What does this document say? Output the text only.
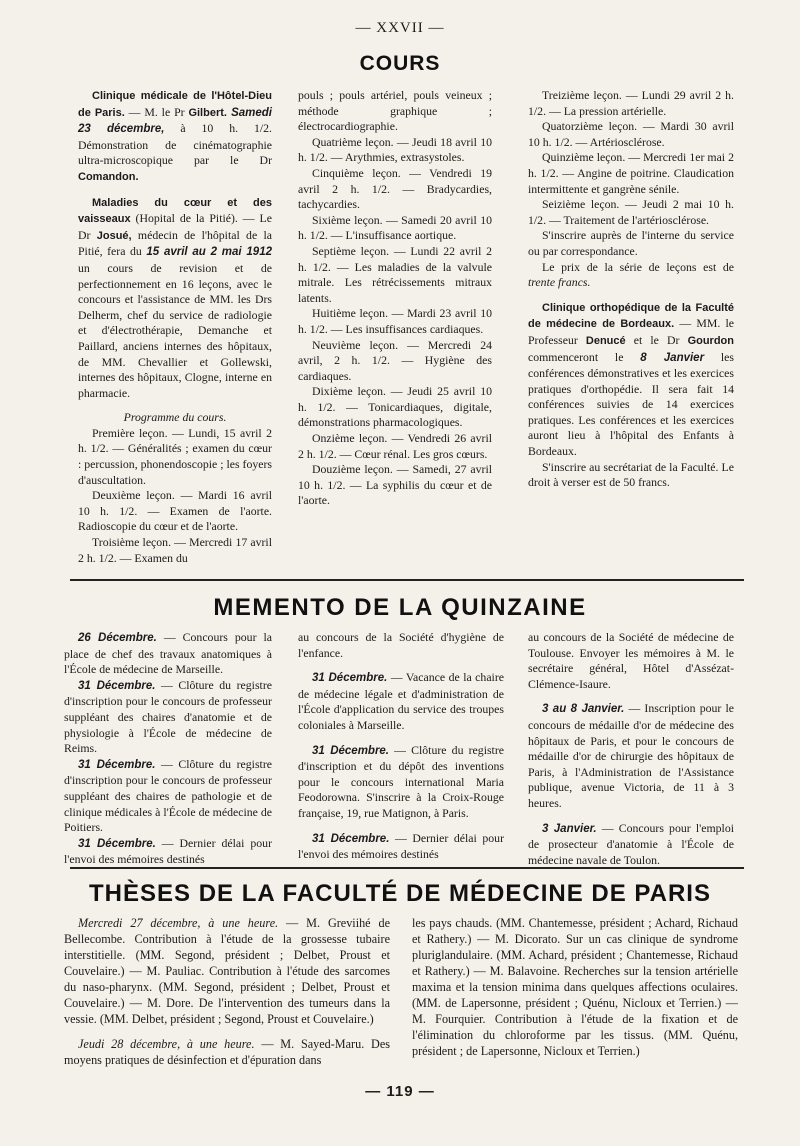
— XXVII —
COURS

Clinique médicale de l'Hôtel-Dieu de Paris. — M. le Pr Gilbert. Samedi 23 décembre, à 10 h. 1/2. Démonstration de cinématographie ultra-microscopique par le Dr Comandon.

Maladies du cœur et des vaisseaux (Hopital de la Pitié). — Le Dr Josué, médecin de l'hôpital de la Pitié, fera du 15 avril au 2 mai 1912 un cours de revision et de perfectionnement en 16 leçons, avec le concours et l'assistance de MM. les Drs Delherm, chef du service de radiologie et d'électrothérapie, Demanche et Paillard, anciens internes des hôpitaux, de MM. Chevallier et Gollewski, internes des hôpitaux, Clogne, interne en pharmacie.

Programme du cours.

Première leçon. — Lundi, 15 avril 2 h. 1/2. — Généralités ; examen du cœur : percussion, phonendoscopie ; les foyers d'auscultation.

Deuxième leçon. — Mardi 16 avril 10 h. 1/2. — Examen de l'aorte. Radioscopie du cœur et de l'aorte.

Troisième leçon. — Mercredi 17 avril 2 h. 1/2. — Examen du

pouls ; pouls artériel, pouls veineux ; méthode graphique ; électrocardiographie.

Quatrième leçon. — Jeudi 18 avril 10 h. 1/2. — Arythmies, extrasystoles.

Cinquième leçon. — Vendredi 19 avril 2 h. 1/2. — Bradycardies, tachycardies.

Sixième leçon. — Samedi 20 avril 10 h. 1/2. — L'insuffisance aortique.

Septième leçon. — Lundi 22 avril 2 h. 1/2. — Les maladies de la valvule mitrale. Les rétrécissements mitraux latents.

Huitième leçon. — Mardi 23 avril 10 h. 1/2. — Les insuffisances cardiaques.

Neuvième leçon. — Mercredi 24 avril, 2 h. 1/2. — Hygiène des cardiaques.

Dixième leçon. — Jeudi 25 avril 10 h. 1/2. — Tonicardiaques, digitale, démonstrations pharmacologiques.

Onzième leçon. — Vendredi 26 avril 2 h. 1/2. — Cœur rénal. Les gros cœurs.

Douzième leçon. — Samedi, 27 avril 10 h. 1/2. — La syphilis du cœur et de l'aorte.

Treizième leçon. — Lundi 29 avril 2 h. 1/2. — La pression artérielle.

Quatorzième leçon. — Mardi 30 avril 10 h. 1/2. — Artériosclérose.

Quinzième leçon. — Mercredi 1er mai 2 h. 1/2. — Angine de poitrine. Claudication intermittente et gangrène sénile.

Seizième leçon. — Jeudi 2 mai 10 h. 1/2. — Traitement de l'artériosclérose.

S'inscrire auprès de l'interne du service ou par correspondance.

Le prix de la série de leçons est de trente francs.

Clinique orthopédique de la Faculté de médecine de Bordeaux. — MM. le Professeur Denucé et le Dr Gourdon commenceront le 8 Janvier les conférences démonstratives et les exercices pratiques d'orthopédie. Il sera fait 14 conférences suivies de 14 exercices pratiques. Les conférences et les exercices auront lieu à l'hôpital des Enfants à Bordeaux.

S'inscrire au secrétariat de la Faculté. Le droit à verser est de 50 francs.

MEMENTO DE LA QUINZAINE

26 Décembre. — Concours pour la place de chef des travaux anatomiques à l'École de médecine de Marseille.

31 Décembre. — Clôture du registre d'inscription pour le concours de professeur suppléant des chaires d'anatomie et de physiologie à l'École de médecine de Reims.

31 Décembre. — Clôture du registre d'inscription pour le concours de professeur suppléant des chaires de pathologie et de clinique médicales à l'École de médecine de Poitiers.

31 Décembre. — Dernier délai pour l'envoi des mémoires destinés

au concours de la Société d'hygiène de l'enfance.

31 Décembre. — Vacance de la chaire de médecine légale et d'administration de l'École d'application du service des troupes coloniales à Marseille.

31 Décembre. — Clôture du registre d'inscription et du dépôt des inventions pour le concours international Maria Feodorowna. S'inscrire à la Croix-Rouge française, 19, rue Matignon, à Paris.

31 Décembre. — Dernier délai pour l'envoi des mémoires destinés

au concours de la Société de médecine de Toulouse. Envoyer les mémoires à M. le secrétaire général, Hôtel d'Assézat-Clémence-Isaure.

3 au 8 Janvier. — Inscription pour le concours de médaille d'or de médecine des hôpitaux de Paris, et pour le concours de médaille d'or de chirurgie des hôpitaux de Paris, à l'Administration de l'Assistance publique, avenue Victoria, de 11 à 3 heures.

3 Janvier. — Concours pour l'emploi de prosecteur d'anatomie à l'École de médecine navale de Toulon.

THÈSES DE LA FACULTÉ DE MÉDECINE DE PARIS

Mercredi 27 décembre, à une heure. — M. Greviihé de Bellecombe. Contribution à l'étude de la grossesse tubaire interstitielle. (MM. Segond, président ; Delbet, Proust et Couvelaire.) — M. Pauliac. Contribution à l'étude des sarcomes du naso-pharynx. (MM. Segond, président ; Delbet, Proust et Couvelaire.) — M. Dore. De l'intervention des tumeurs dans la vessie. (MM. Delbet, président ; Segond, Proust et Couvelaire.)

Jeudi 28 décembre, à une heure. — M. Sayed-Maru. Des moyens pratiques de désinfection et d'épuration dans

les pays chauds. (MM. Chantemesse, président ; Achard, Richaud et Rathery.) — M. Dicorato. Sur un cas clinique de syndrome pluriglandulaire. (MM. Achard, président ; Chantemesse, Richaud et Rathery.) — M. Balavoine. Recherches sur la tension artérielle maxima et la tension minima dans quelques affections oculaires. (MM. de Lapersonne, président ; Quénu, Nicloux et Terrien.) — M. Fourquier. Contribution à l'étude de la fixation et de l'élimination du chloroforme par les tissus. (MM. Quénu, président ; de Lapersonne, Nicloux et Terrien.)

— 119 —
